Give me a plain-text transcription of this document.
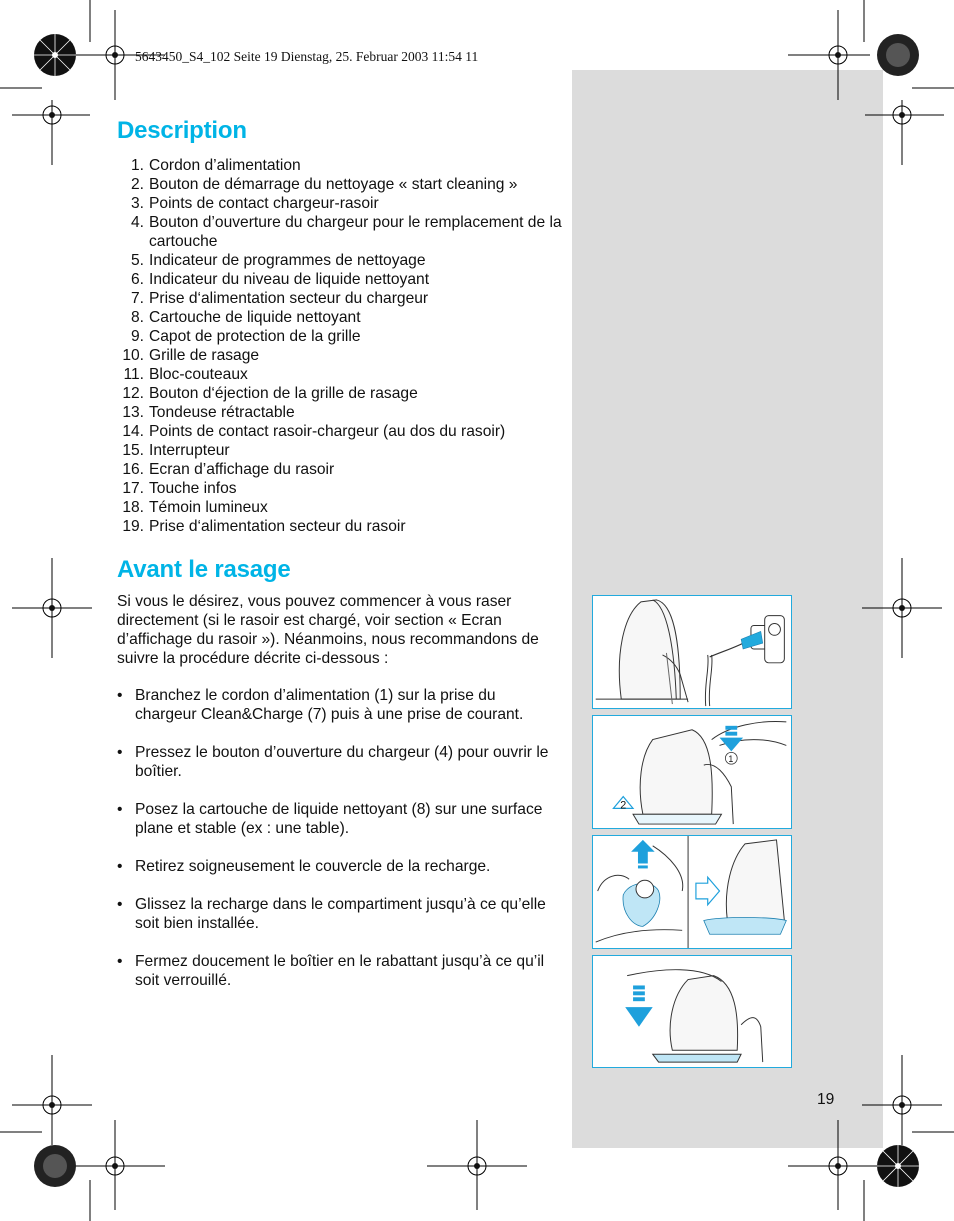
5643450_S4_102 Seite 19 Dienstag, 25. Februar 2003 11:54 11
Description
1. Cordon d’alimentation
2. Bouton de démarrage du nettoyage « start cleaning »
3. Points de contact chargeur-rasoir
4. Bouton d’ouverture du chargeur pour le remplacement de la cartouche
5. Indicateur de programmes de nettoyage
6. Indicateur du niveau de liquide nettoyant
7. Prise d‘alimentation secteur du chargeur
8. Cartouche de liquide nettoyant
9. Capot de protection de la grille
10. Grille de rasage
11. Bloc-couteaux
12. Bouton d‘éjection de la grille de rasage
13. Tondeuse rétractable
14. Points de contact rasoir-chargeur (au dos du rasoir)
15. Interrupteur
16. Ecran d’affichage du rasoir
17. Touche infos
18. Témoin lumineux
19. Prise d‘alimentation secteur du rasoir
Avant le rasage

Si vous le désirez, vous pouvez commencer à vous raser directement (si le rasoir est chargé, voir section « Ecran d’affichage du rasoir »). Néanmoins, nous recommandons de suivre la procédure décrite ci-dessous :

• Branchez le cordon d’alimentation (1) sur la prise du chargeur Clean&Charge (7) puis à une prise de courant.
• Pressez le bouton d’ouverture du chargeur (4) pour ouvrir le boîtier.
• Posez la cartouche de liquide nettoyant (8) sur une surface plane et stable (ex : une table).
• Retirez soigneusement le couvercle de la recharge.
• Glissez la recharge dans le compartiment jusqu’à ce qu’elle soit bien installée.
• Fermez doucement le boîtier en le rabattant jusqu’à ce qu’il soit verrouillé.
1
2
19
